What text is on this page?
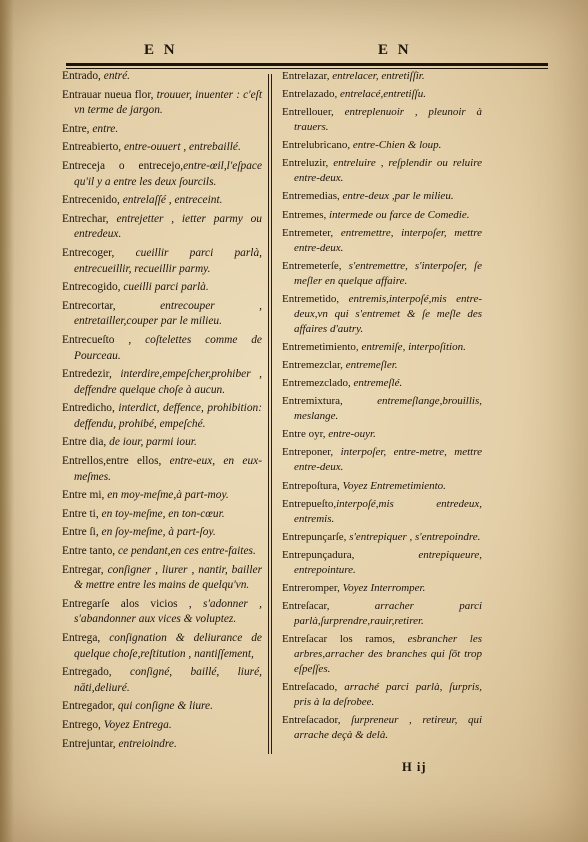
E N	E N

Entrado, entré.

Entrauar nueua flor, trouuer, inuenter : c'eſt vn terme de jargon.

Entre, entre.

Entreabierto, entre-ouuert , entrebaillé.

Entreceja o entrecejo,entre-œil,l'eſpace qu'il y a entre les deux ſourcils.

Entrecenido, entrelaſſé , entreceint.

Entrechar, entrejetter , ietter parmy ou entredeux.

Entrecoger, cueillir parci parlà, entrecueillir, recueillir parmy.

Entrecogido, cueilli parci parlà.

Entrecortar, entrecouper , entretailler,couper par le milieu.

Entrecueſto , coſtelettes comme de Pourceau.

Entredezir, interdire,empeſcher,prohiber , deffendre quelque choſe à aucun.

Entredicho, interdict, deffence, prohibition: deffendu, prohibé, empeſché.

Entre dia, de iour, parmi iour.

Entrellos,entre ellos, entre-eux, en eux-meſmes.

Entre mi, en moy-meſme,à part-moy.

Entre ti, en toy-meſme, en ton-cœur.

Entre ſi, en ſoy-meſme, à part-ſoy.

Entre tanto, ce pendant,en ces entre-faites.

Entregar, conſigner , liurer , nantir, bailler & mettre entre les mains de quelqu'vn.

Entregarſe alos vicios , s'adonner , s'abandonner aux vices & voluptez.

Entrega, conſignation & deliurance de quelque choſe,reſtitution , nantiſſement,

Entregado, conſigné, baillé, liuré, nāti,deliuré.

Entregador, qui conſigne & liure.

Entrego, Voyez Entrega.

Entrejuntar, entreioindre.

Entrelazar, entrelacer, entretiſſir.

Entrelazado, entrelacé,entretiſſu.

Entrellouer, entreplenuoir , pleunoir à trauers.

Entrelubricano, entre-Chien & loup.

Entreluzir, entreluire , reſplendir ou reluire entre-deux.

Entremedias, entre-deux ,par le milieu.

Entremes, intermede ou farce de Comedie.

Entremeter, entremettre, interpoſer, mettre entre-deux.

Entremeterſe, s'entremettre, s'interpoſer, ſe meſler en quelque affaire.

Entremetido, entremis,interpoſé,mis entre-deux,vn qui s'entremet & ſe meſle des affaires d'autry.

Entremetimiento, entremiſe, interpoſition.

Entremezclar, entremeſler.

Entremezclado, entremeſlé.

Entremixtura, entremeſlange,brouillis, meslange.

Entre oyr, entre-ouyr.

Entreponer, interpoſer, entre-metre, mettre entre-deux.

Entrepoſtura, Voyez Entremetimiento.

Entrepueſto,interpoſé,mis entredeux, entremis.

Entrepunçarſe, s'entrepiquer , s'entrepoindre.

Entrepunçadura, entrepiqueure, entrepointure.

Entreromper, Voyez Interromper.

Entreſacar, arracher parci parlà,ſurprendre,rauir,retirer.

Entreſacar los ramos, esbrancher les arbres,arracher des branches qui ſōt trop eſpeſſes.

Entreſacado, arraché parci parlà, ſurpris, pris à la deſrobee.

Entreſacador, ſurpreneur , retireur, qui arrache deçà & delà.

H ij
